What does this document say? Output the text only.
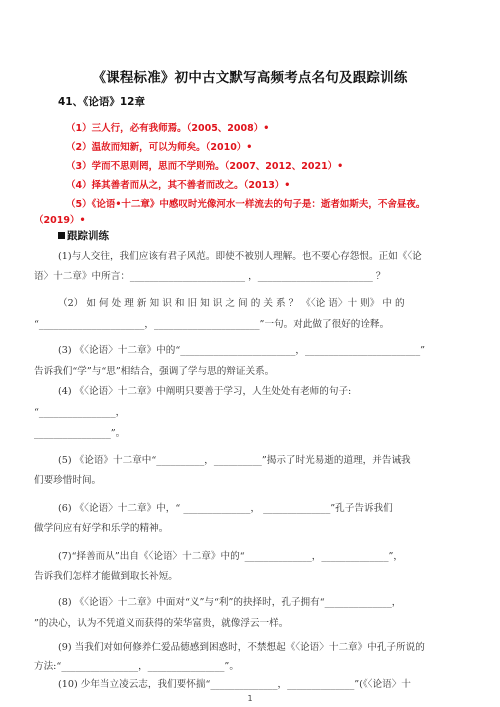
《课程标准》初中古文默写高频考点名句及跟踪训练
41、《论语》12章
（1）三人行，必有我师焉。（2005、2008）•
（2）温故而知新，可以为师矣。（2010）•
（3）学而不思则罔，思而不学则殆。（2007、2012、2021）•
（4）择其善者而从之，其不善者而改之。（2013）•
（5）《论语•十二章》中感叹时光像河水一样流去的句子是：逝者如斯夫，不舍昼夜。
（2019）•
跟踪训练
(1)与人交往，我们应该有君子风范。即使不被别人理解。也不要心存怨恨。正如《〈论
语〉十二章》中所言：________________________ ，________________________ ？
（2） 如 何 处 理 新 知 识 和 旧 知 识 之 间 的 关 系 ？ 《〈论 语〉十 则》 中 的
“______________________，______________________”一句。对此做了很好的诠释。
(3) 《〈论语〉十二章》中的“________________________，________________________”
告诉我们“学”与“思”相结合，强调了学与思的辩证关系。
(4) 《〈论语〉十二章》中阐明只要善于学习，人生处处有老师的句子:
“________________，
________________”。
(5) 《论语》十二章中“__________，__________”揭示了时光易逝的道理，并告诫我
们要珍惜时间。
(6) 《〈论语〉十二章》中，“ ______________， ______________”孔子告诉我们
做学问应有好学和乐学的精神。
(7)“择善而从”出自《〈论语〉十二章》中的“______________，______________”，
告诉我们怎样才能做到取长补短。
(8) 《〈论语〉十二章》中面对“义”与“利”的抉择时，孔子拥有“______________，
”的决心，认为不凭道义而获得的荣华富贵，就像浮云一样。
(9) 当我们对如何修养仁爱品德感到困惑时，不禁想起《〈论语〉十二章》中孔子所说的
方法:“________________，________________”。
(10) 少年当立凌云志，我们要怀揣“______________，______________”(《〈论语〉十
1
